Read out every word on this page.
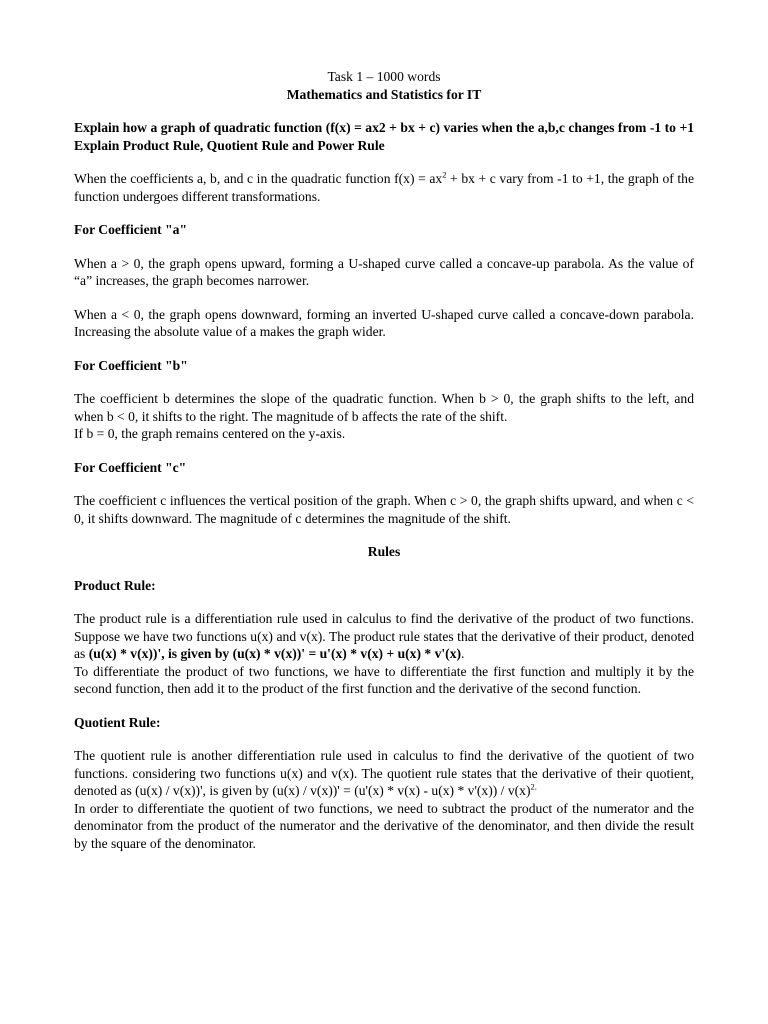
Task 1 – 1000 words

Mathematics and Statistics for IT

Explain how a graph of quadratic function (f(x) = ax2 + bx + c) varies when the a,b,c changes from -1 to +1 Explain Product Rule, Quotient Rule and Power Rule

When the coefficients a, b, and c in the quadratic function $f(x) = ax^2$ + bx + c vary from -1 to +1, the graph of the function undergoes different transformations.

For Coefficient "a"

When a > 0, the graph opens upward, forming a U-shaped curve called a concave-up parabola. As the value of “a” increases, the graph becomes narrower.

When a < 0, the graph opens downward, forming an inverted U-shaped curve called a concave-down parabola. Increasing the absolute value of a makes the graph wider.

For Coefficient "b"

The coefficient b determines the slope of the quadratic function. When b > 0, the graph shifts to the left, and when b < 0, it shifts to the right. The magnitude of b affects the rate of the shift.

If b = 0, the graph remains centered on the y-axis.

For Coefficient "c"

The coefficient c influences the vertical position of the graph. When c > 0, the graph shifts upward, and when c < 0, it shifts downward. The magnitude of c determines the magnitude of the shift.

Rules

Product Rule:

The product rule is a differentiation rule used in calculus to find the derivative of the product of two functions. Suppose we have two functions u(x) and v(x). The product rule states that the derivative of their product, denoted as (u(x) * v(x))', is given by (u(x) * v(x))' = u'(x) * v(x) + u(x) * v'(x).

To differentiate the product of two functions, we have to differentiate the first function and multiply it by the second function, then add it to the product of the first function and the derivative of the second function.

Quotient Rule:

The quotient rule is another differentiation rule used in calculus to find the derivative of the quotient of two functions. considering two functions u(x) and v(x). The quotient rule states that the derivative of their quotient, denoted as (u(x) / v(x))', is given by $(u(x) / v(x))' = (u'(x) * v(x) - u(x) * v'(x)) / v(x)^{2.}$

In order to differentiate the quotient of two functions, we need to subtract the product of the numerator and the denominator from the product of the numerator and the derivative of the denominator, and then divide the result by the square of the denominator.
